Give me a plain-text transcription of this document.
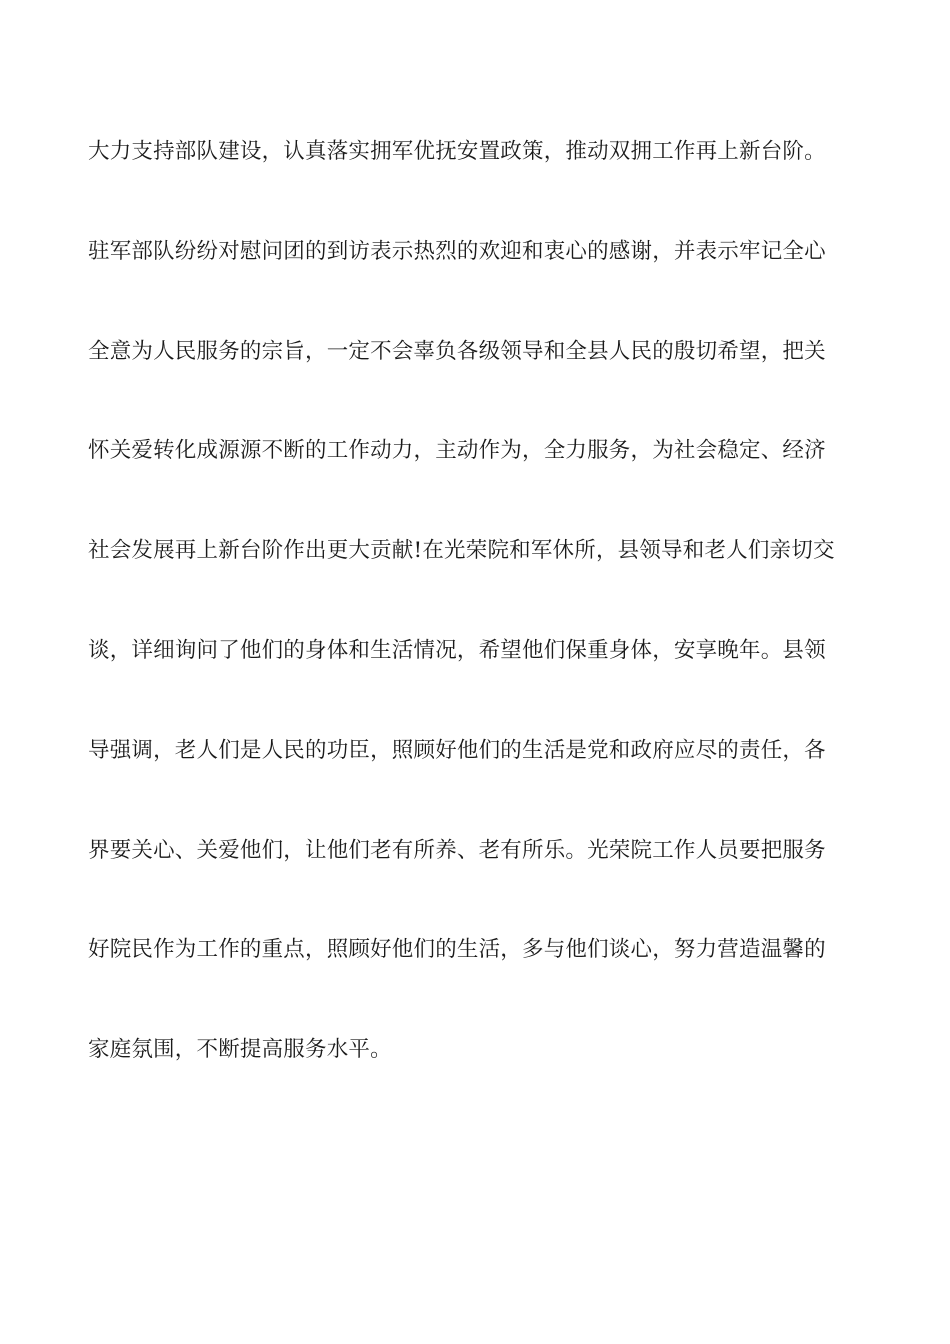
大力支持部队建设，认真落实拥军优抚安置政策，推动双拥工作再上新台阶。
驻军部队纷纷对慰问团的到访表示热烈的欢迎和衷心的感谢，并表示牢记全心
全意为人民服务的宗旨，一定不会辜负各级领导和全县人民的殷切希望，把关
怀关爱转化成源源不断的工作动力，主动作为，全力服务，为社会稳定、经济
社会发展再上新台阶作出更大贡献!在光荣院和军休所，县领导和老人们亲切交
谈，详细询问了他们的身体和生活情况，希望他们保重身体，安享晚年。县领
导强调，老人们是人民的功臣，照顾好他们的生活是党和政府应尽的责任，各
界要关心、关爱他们，让他们老有所养、老有所乐。光荣院工作人员要把服务
好院民作为工作的重点，照顾好他们的生活，多与他们谈心，努力营造温馨的
家庭氛围，不断提高服务水平。
